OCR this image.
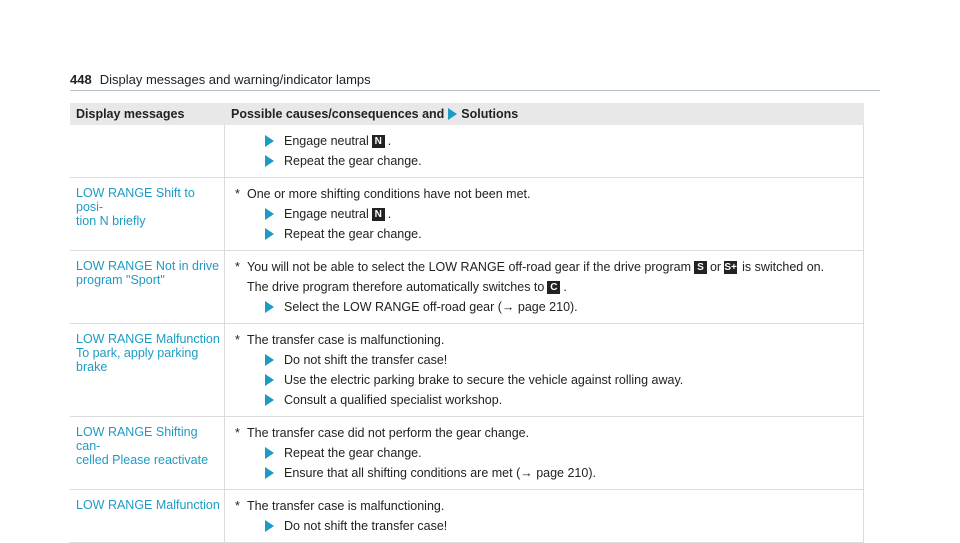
448 Display messages and warning/indicator lamps
Display messages	Possible causes/consequences and Solutions
Engage neutral N .
Repeat the gear change.
LOW RANGE Shift to posi-
tion N briefly
* One or more shifting conditions have not been met.
Engage neutral N .
Repeat the gear change.
LOW RANGE Not in drive
program "Sport"
* You will not be able to select the LOW RANGE off-road gear if the drive program S or S+ is switched on.
The drive program therefore automatically switches to C .
Select the LOW RANGE off-road gear (→ page 210).
LOW RANGE Malfunction
To park, apply parking
brake
* The transfer case is malfunctioning.
Do not shift the transfer case!
Use the electric parking brake to secure the vehicle against rolling away.
Consult a qualified specialist workshop.
LOW RANGE Shifting can-
celled Please reactivate
* The transfer case did not perform the gear change.
Repeat the gear change.
Ensure that all shifting conditions are met (→ page 210).
LOW RANGE Malfunction	* The transfer case is malfunctioning.
Do not shift the transfer case!
